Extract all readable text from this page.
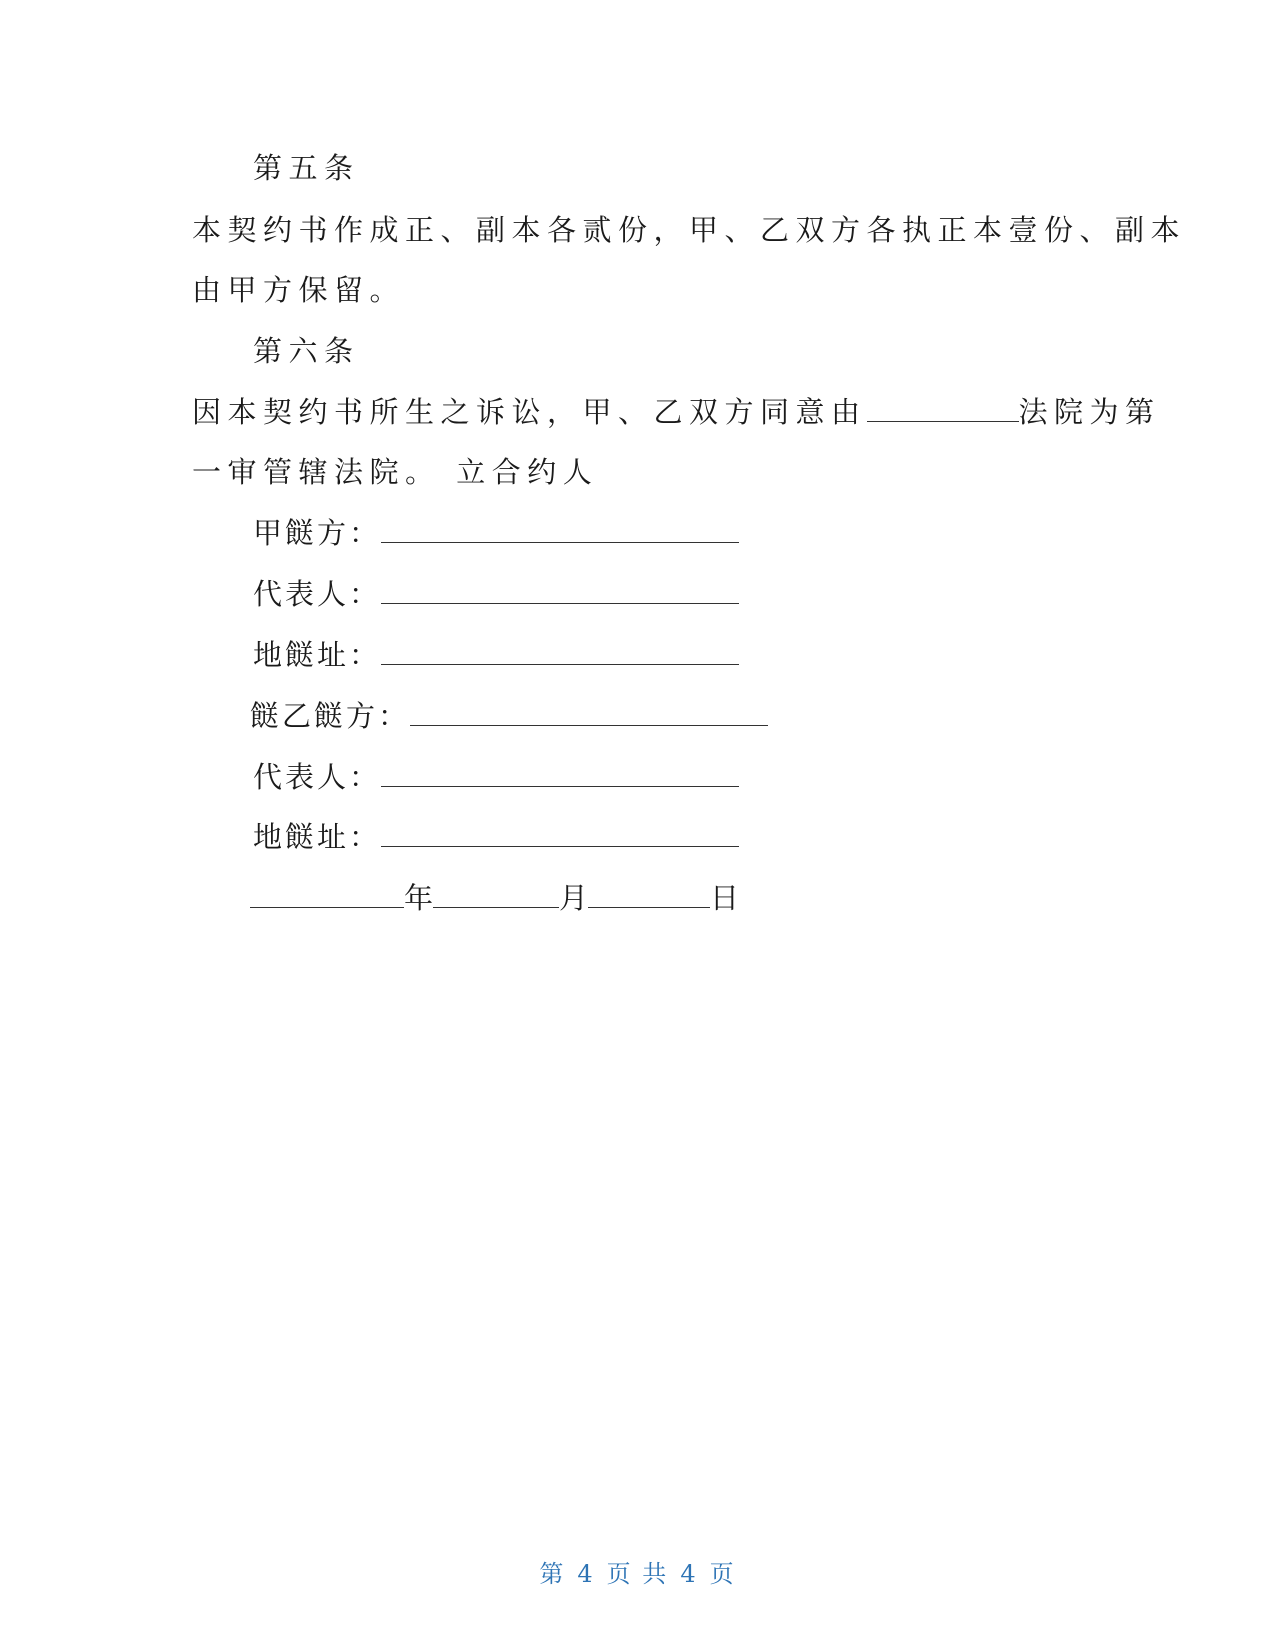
第五条
本契约书作成正、副本各贰份，甲、乙双方各执正本壹份、副本
由甲方保留。
第六条
因本契约书所生之诉讼，甲、乙双方同意由	法院为第
一审管辖法院。 立合约人
甲餸方：
代表人：
地餸址：
餸乙餸方：
代表人：
地餸址：
年	月	日
第 4 页 共 4 页
